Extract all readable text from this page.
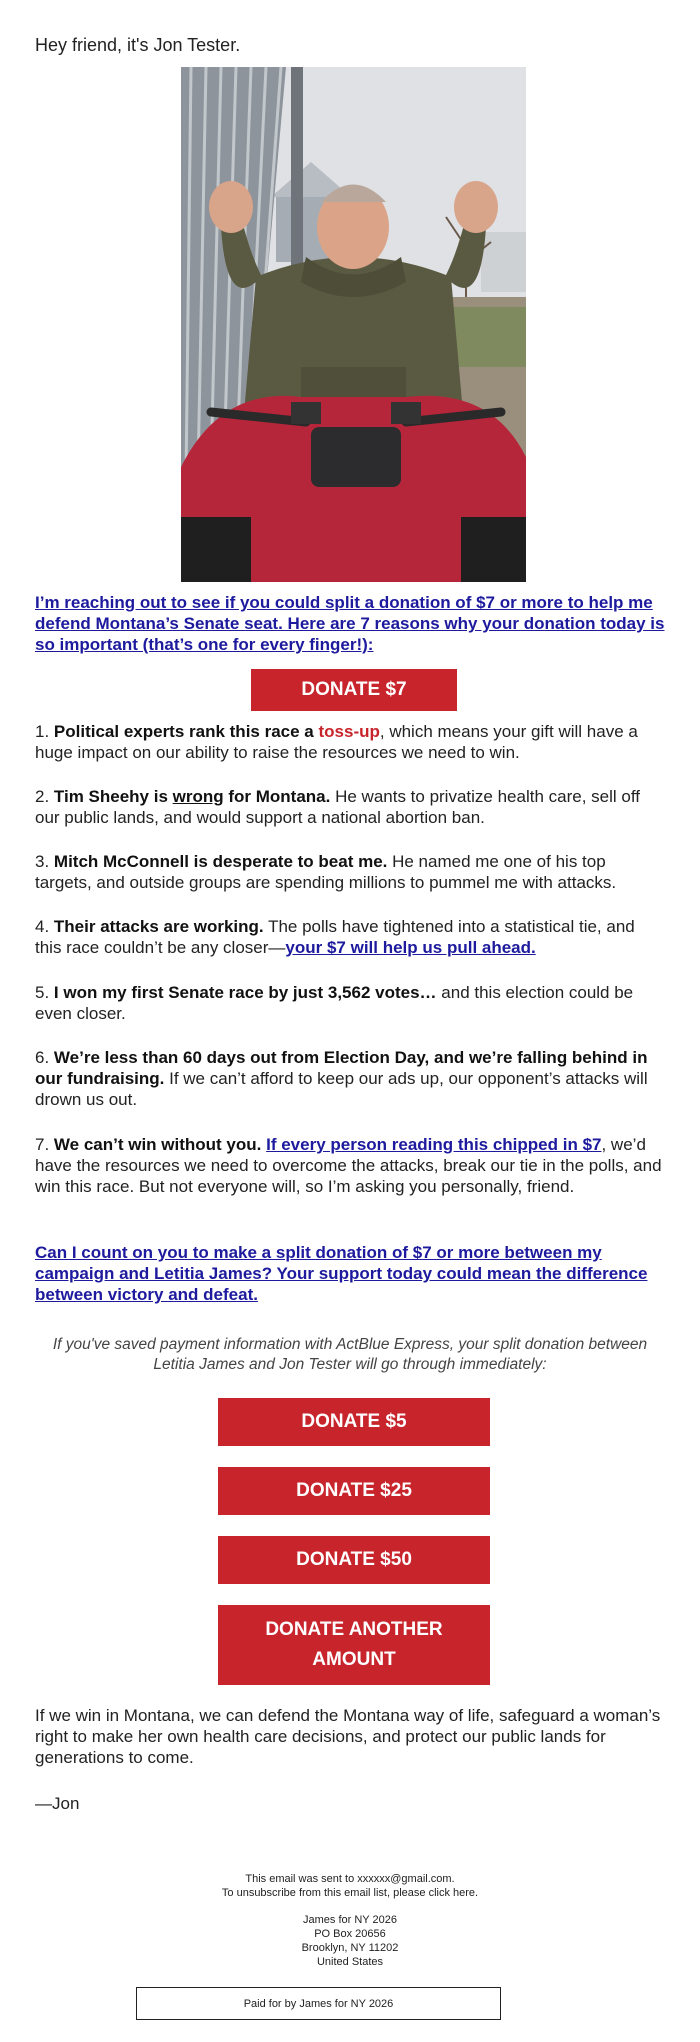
Hey friend, it's Jon Tester.
I’m reaching out to see if you could split a donation of $7 or more to help me defend Montana’s Senate seat. Here are 7 reasons why your donation today is so important (that’s one for every finger!):
DONATE $7
1. Political experts rank this race a toss-up, which means your gift will have a huge impact on our ability to raise the resources we need to win.
2. Tim Sheehy is wrong for Montana. He wants to privatize health care, sell off our public lands, and would support a national abortion ban.
3. Mitch McConnell is desperate to beat me. He named me one of his top targets, and outside groups are spending millions to pummel me with attacks.
4. Their attacks are working. The polls have tightened into a statistical tie, and this race couldn’t be any closer—your $7 will help us pull ahead.
5. I won my first Senate race by just 3,562 votes… and this election could be even closer.
6. We’re less than 60 days out from Election Day, and we’re falling behind in our fundraising. If we can’t afford to keep our ads up, our opponent’s attacks will drown us out.
7. We can’t win without you. If every person reading this chipped in $7, we’d have the resources we need to overcome the attacks, break our tie in the polls, and win this race. But not everyone will, so I’m asking you personally, friend.
Can I count on you to make a split donation of $7 or more between my campaign and Letitia James? Your support today could mean the difference between victory and defeat.
If you've saved payment information with ActBlue Express, your split donation between Letitia James and Jon Tester will go through immediately:
DONATE $5
DONATE $25
DONATE $50
DONATE ANOTHER AMOUNT
If we win in Montana, we can defend the Montana way of life, safeguard a woman’s right to make her own health care decisions, and protect our public lands for generations to come.
—Jon
This email was sent to xxxxxx@gmail.com.
To unsubscribe from this email list, please click here.
James for NY 2026
PO Box 20656
Brooklyn, NY 11202
United States
Paid for by James for NY 2026
